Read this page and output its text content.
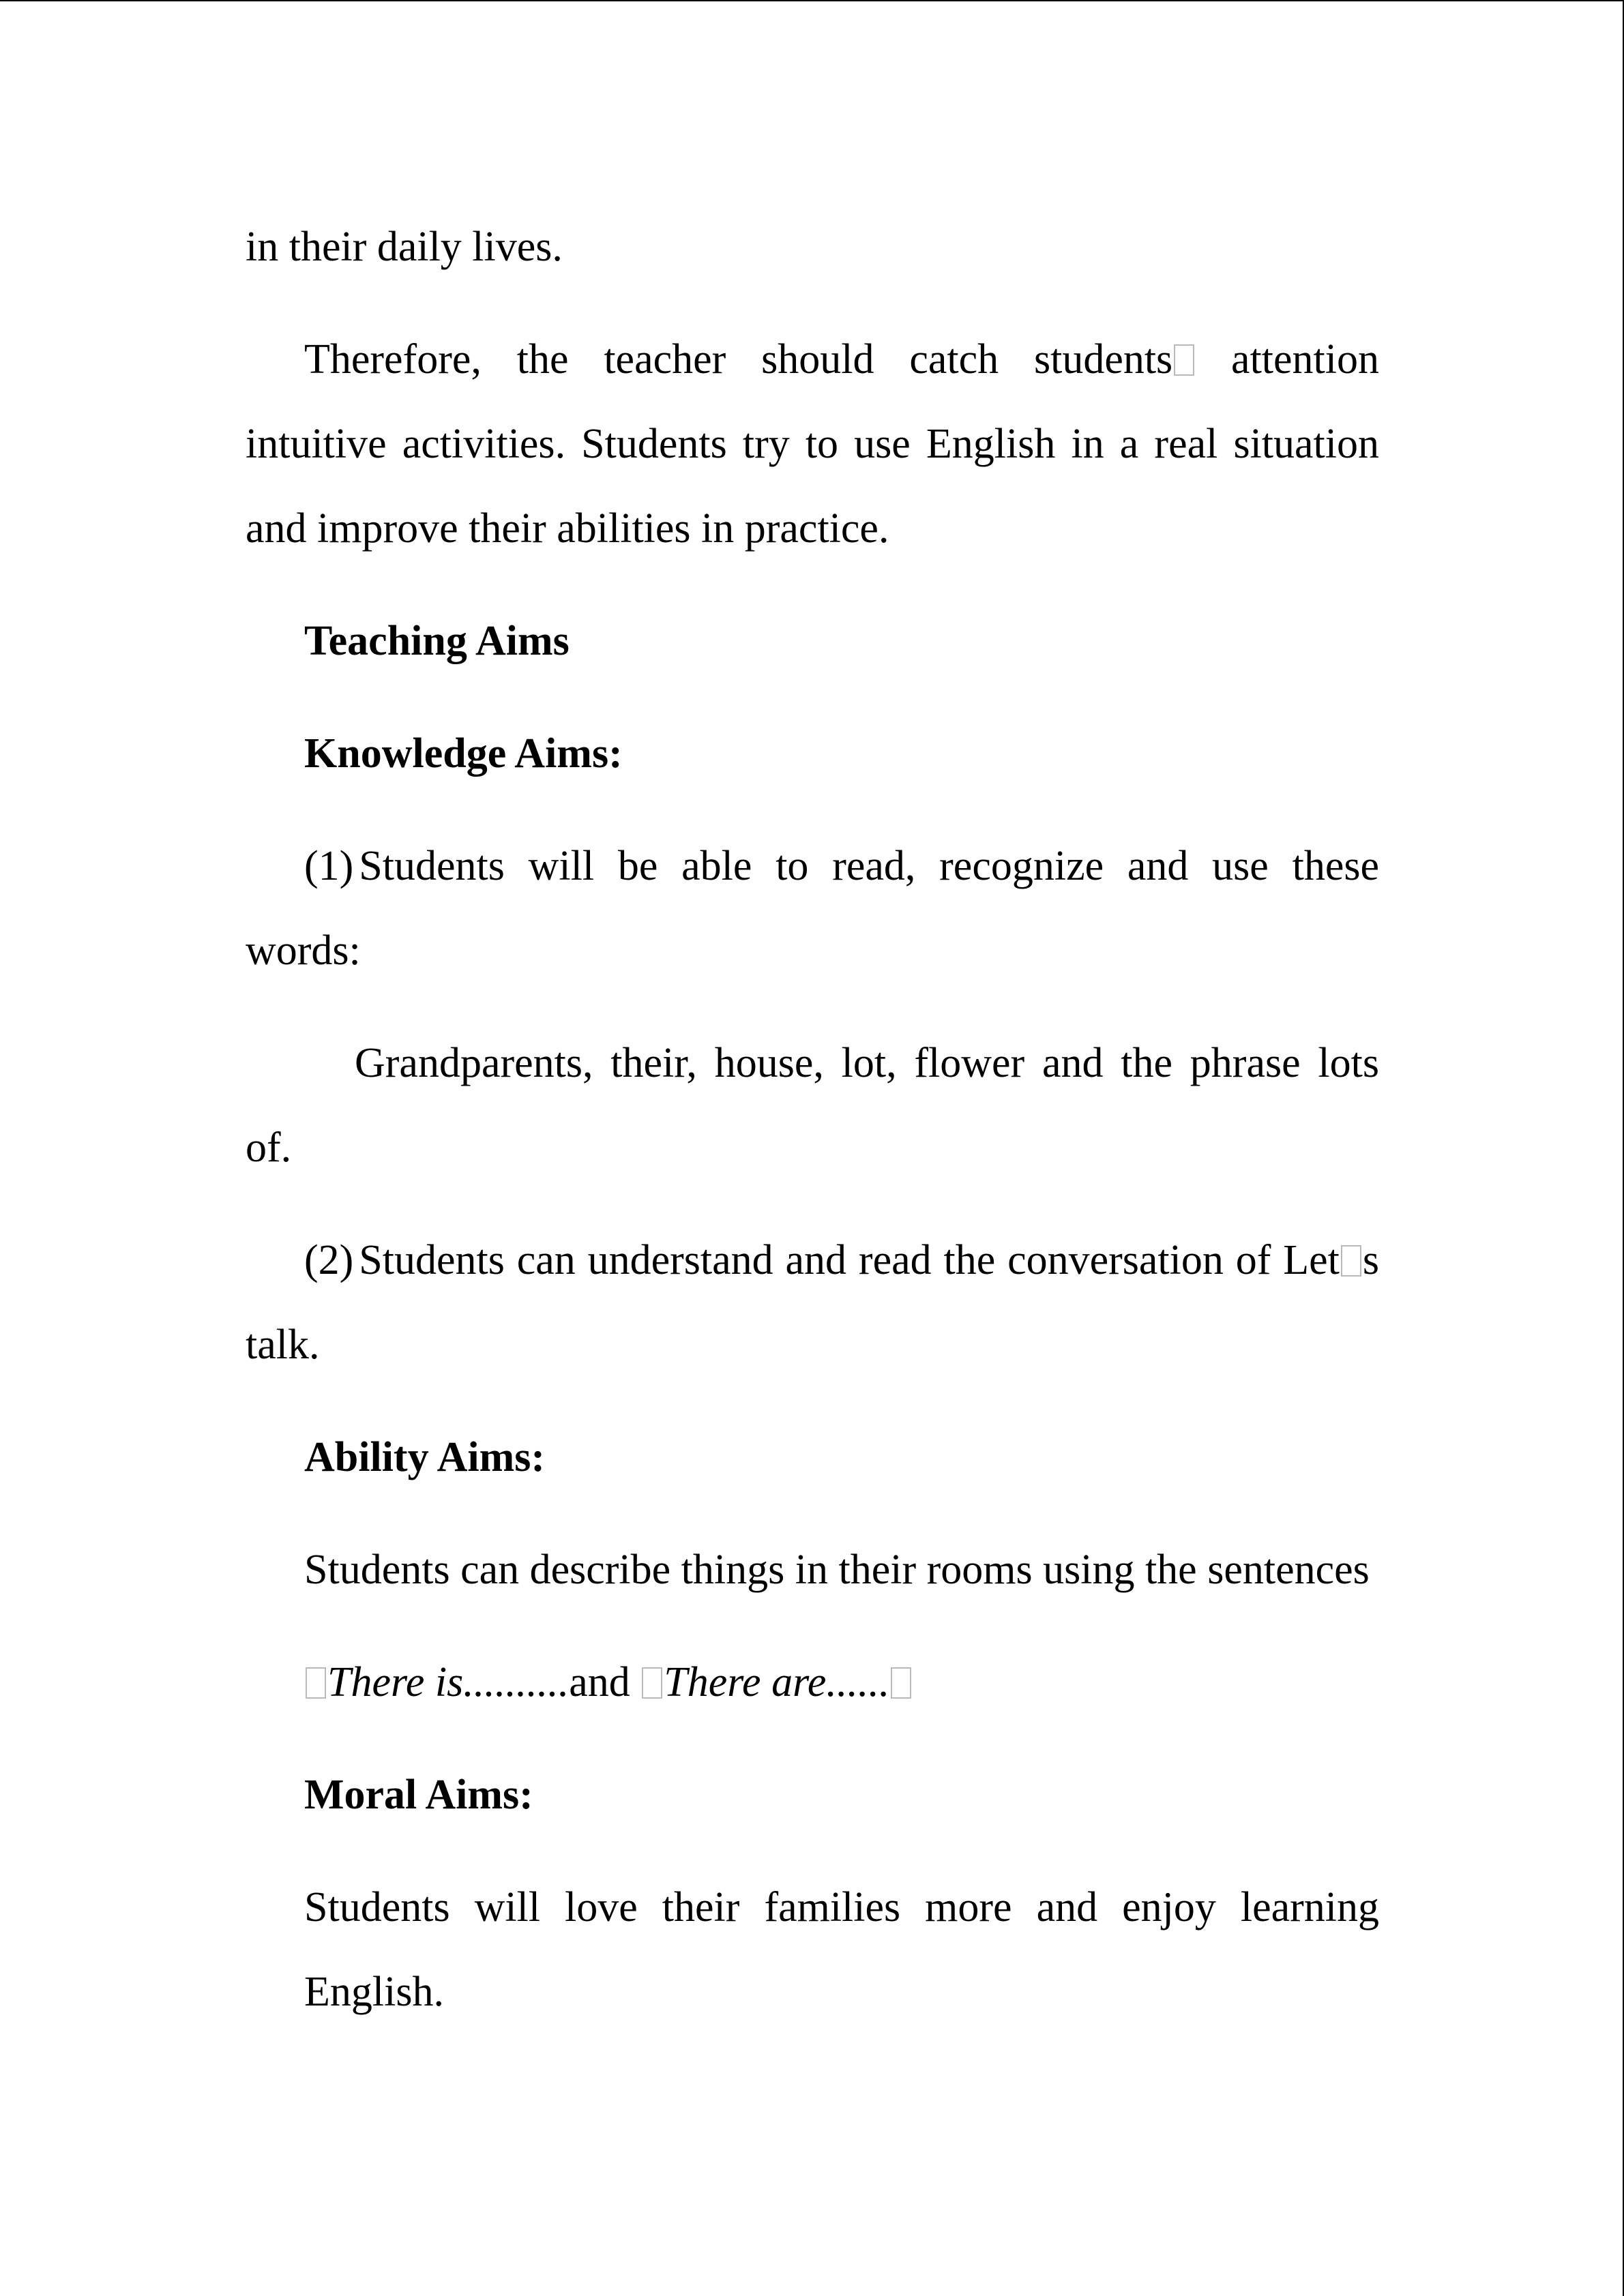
in their daily lives.

Therefore, the teacher should catch students attention intuitive activities. Students try to use English in a real situation and improve their abilities in practice.

Teaching Aims

Knowledge Aims:

(1) Students will be able to read, recognize and use these words:

Grandparents, their, house, lot, flower and the phrase lots of.

(2) Students can understand and read the conversation of Let s talk.

Ability Aims:

Students can describe things in their rooms using the sentences

There is..........and There are......

Moral Aims:

Students will love their families more and enjoy learning English.
